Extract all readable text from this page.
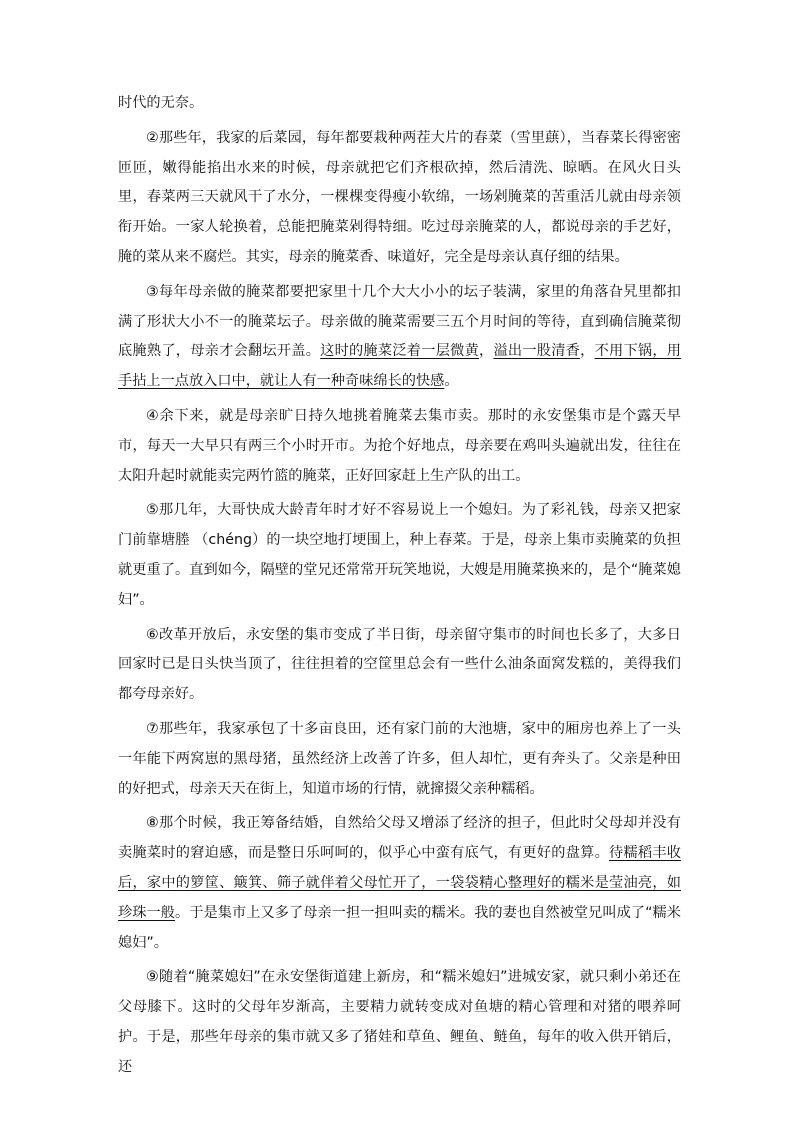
时代的无奈。

②那些年，我家的后菜园，每年都要栽种两茬大片的春菜（雪里蕻），当春菜长得密密匝匝，嫩得能掐出水来的时候，母亲就把它们齐根砍掉，然后清洗、晾晒。在风火日头里，春菜两三天就风干了水分，一棵棵变得瘦小软绵，一场剁腌菜的苦重活儿就由母亲领衔开始。一家人轮换着，总能把腌菜剁得特细。吃过母亲腌菜的人，都说母亲的手艺好，腌的菜从来不腐烂。其实，母亲的腌菜香、味道好，完全是母亲认真仔细的结果。

③每年母亲做的腌菜都要把家里十几个大大小小的坛子装满，家里的角落旮旯里都扣满了形状大小不一的腌菜坛子。母亲做的腌菜需要三五个月时间的等待，直到确信腌菜彻底腌熟了，母亲才会翻坛开盖。这时的腌菜泛着一层微黄，溢出一股清香，不用下锅，用手拈上一点放入口中，就让人有一种奇味绵长的快感。

④余下来，就是母亲旷日持久地挑着腌菜去集市卖。那时的永安堡集市是个露天早市，每天一大早只有两三个小时开市。为抢个好地点，母亲要在鸡叫头遍就出发，往往在太阳升起时就能卖完两竹篮的腌菜，正好回家赶上生产队的出工。

⑤那几年，大哥快成大龄青年时才好不容易说上一个媳妇。为了彩礼钱，母亲又把家门前靠塘塍 （chéng）的一块空地打埂围上，种上春菜。于是，母亲上集市卖腌菜的负担就更重了。直到如今，隔壁的堂兄还常常开玩笑地说，大嫂是用腌菜换来的，是个“腌菜媳妇”。

⑥改革开放后，永安堡的集市变成了半日街，母亲留守集市的时间也长多了，大多日回家时已是日头快当顶了，往往担着的空筐里总会有一些什么油条面窝发糕的，美得我们都夸母亲好。

⑦那些年，我家承包了十多亩良田，还有家门前的大池塘，家中的厢房也养上了一头一年能下两窝崽的黑母猪，虽然经济上改善了许多，但人却忙，更有奔头了。父亲是种田的好把式，母亲天天在街上，知道市场的行情，就撺掇父亲种糯稻。

⑧那个时候，我正筹备结婚，自然给父母又增添了经济的担子，但此时父母却并没有卖腌菜时的窘迫感，而是整日乐呵呵的，似乎心中蛮有底气，有更好的盘算。待糯稻丰收后，家中的箩筐、簸箕、筛子就伴着父母忙开了，一袋袋精心整理好的糯米是莹油亮，如珍珠一般。于是集市上又多了母亲一担一担叫卖的糯米。我的妻也自然被堂兄叫成了“糯米媳妇”。

⑨随着“腌菜媳妇”在永安堡街道建上新房，和“糯米媳妇”进城安家，就只剩小弟还在父母膝下。这时的父母年岁渐高，主要精力就转变成对鱼塘的精心管理和对猪的喂养呵护。于是，那些年母亲的集市就又多了猪娃和草鱼、鲤鱼、鲢鱼，每年的收入供开销后，还
